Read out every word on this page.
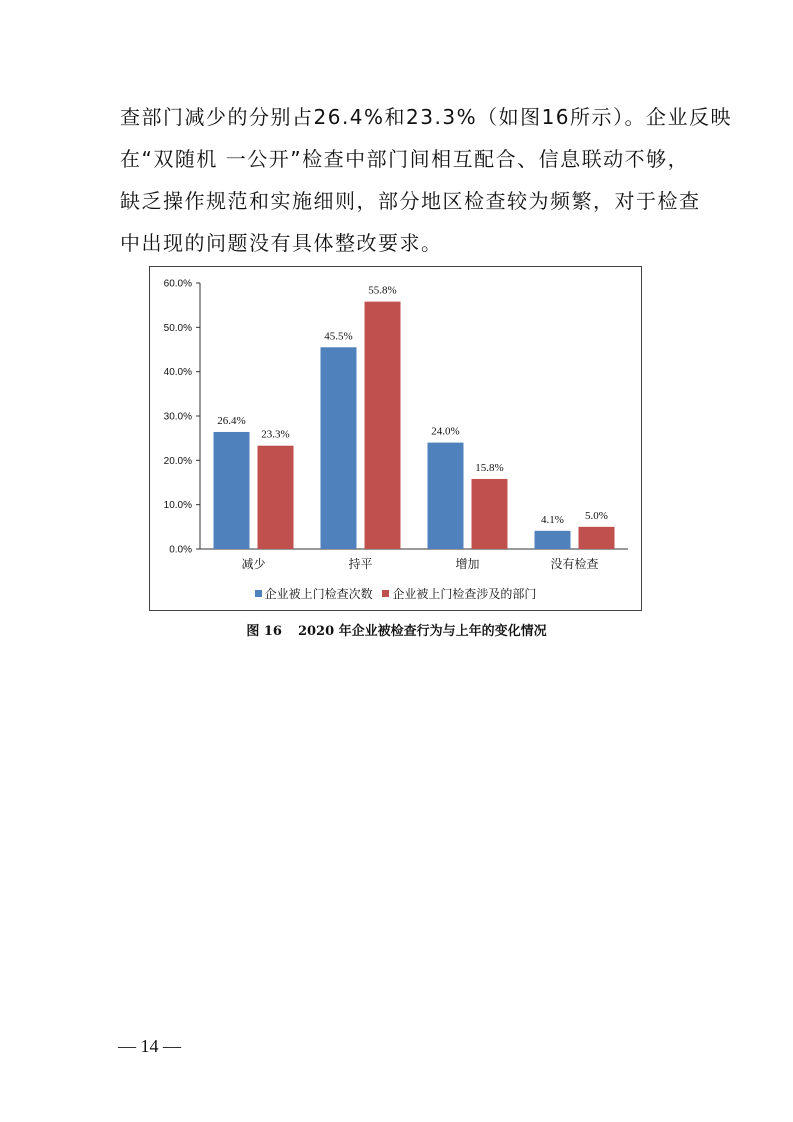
查部门减少的分别占26.4%和23.3%（如图16所示）。企业反映
在“双随机 一公开”检查中部门间相互配合、信息联动不够，
缺乏操作规范和实施细则，部分地区检查较为频繁，对于检查
中出现的问题没有具体整改要求。
0.0%
10.0%
20.0%
30.0%
40.0%
50.0%
60.0%
26.4%
23.3%
减少
45.5%
55.8%
持平
24.0%
15.8%
增加
4.1% 5.0%
没有检查
企业被上门检查次数
企业被上门检查涉及的部门
图 16 2020 年企业被检查行为与上年的变化情况
— 14 —
